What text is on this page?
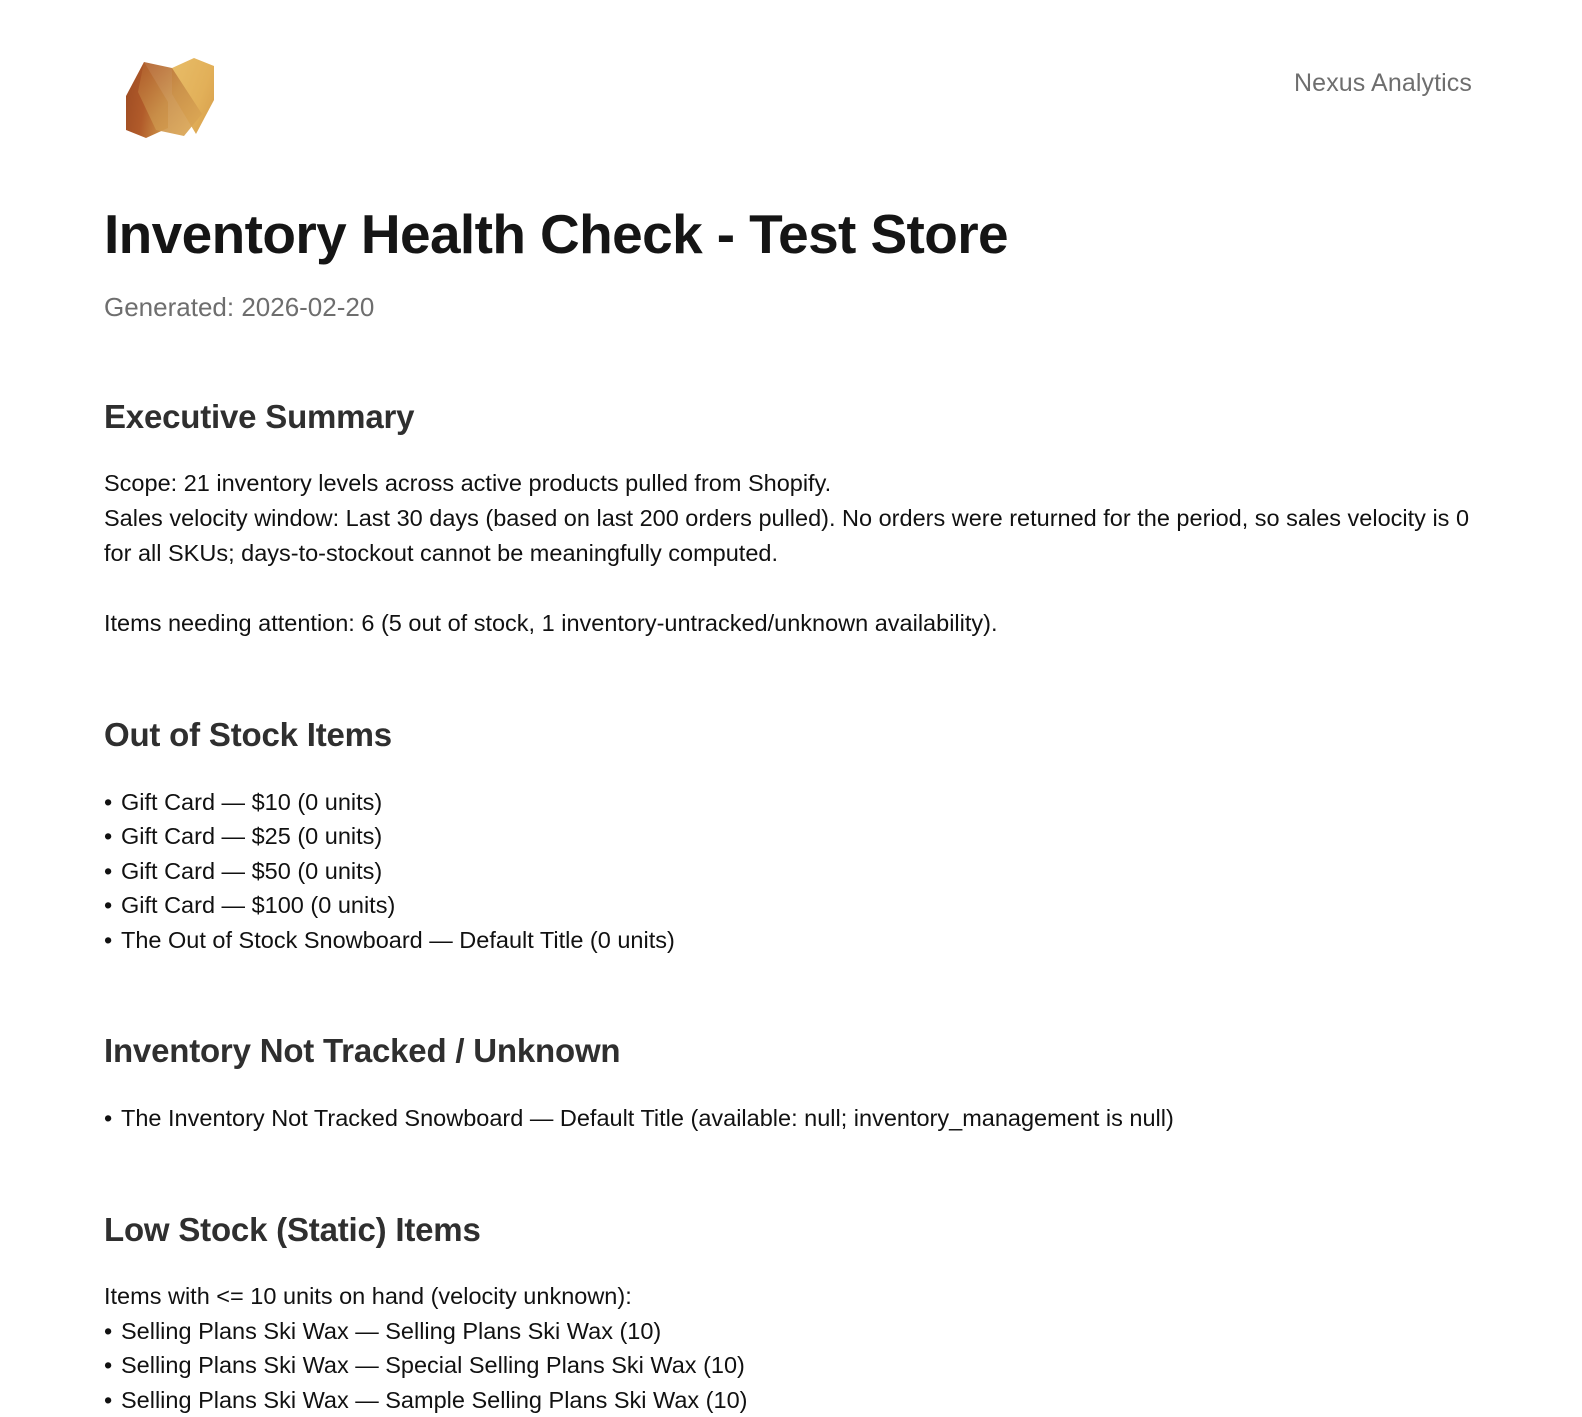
Nexus Analytics
Inventory Health Check - Test Store
Generated: 2026-02-20
Executive Summary

Scope: 21 inventory levels across active products pulled from Shopify.

Sales velocity window: Last 30 days (based on last 200 orders pulled). No orders were returned for the period, so sales velocity is 0 for all SKUs; days-to-stockout cannot be meaningfully computed.

Items needing attention: 6 (5 out of stock, 1 inventory-untracked/unknown availability).

Out of Stock Items
• Gift Card — $10 (0 units)
• Gift Card — $25 (0 units)
• Gift Card — $50 (0 units)
• Gift Card — $100 (0 units)
• The Out of Stock Snowboard — Default Title (0 units)
Inventory Not Tracked / Unknown
• The Inventory Not Tracked Snowboard — Default Title (available: null; inventory_management is null)
Low Stock (Static) Items

Items with <= 10 units on hand (velocity unknown):

• Selling Plans Ski Wax — Selling Plans Ski Wax (10)
• Selling Plans Ski Wax — Special Selling Plans Ski Wax (10)
• Selling Plans Ski Wax — Sample Selling Plans Ski Wax (10)
